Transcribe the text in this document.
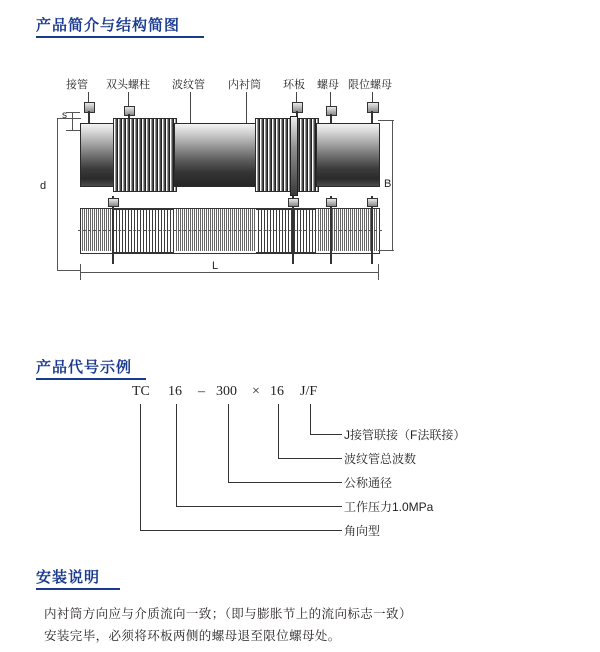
产品简介与结构简图
接管 双头螺柱 波纹管 内衬筒 环板 螺母 限位螺母
d
s
B
L
产品代号示例
TC 16 – 300 × 16 J/F
J接管联接（F法联接）
波纹管总波数
公称通径
工作压力1.0MPa
角向型
安装说明
内衬筒方向应与介质流向一致；（即与膨胀节上的流向标志一致）
安装完毕，必须将环板两侧的螺母退至限位螺母处。
